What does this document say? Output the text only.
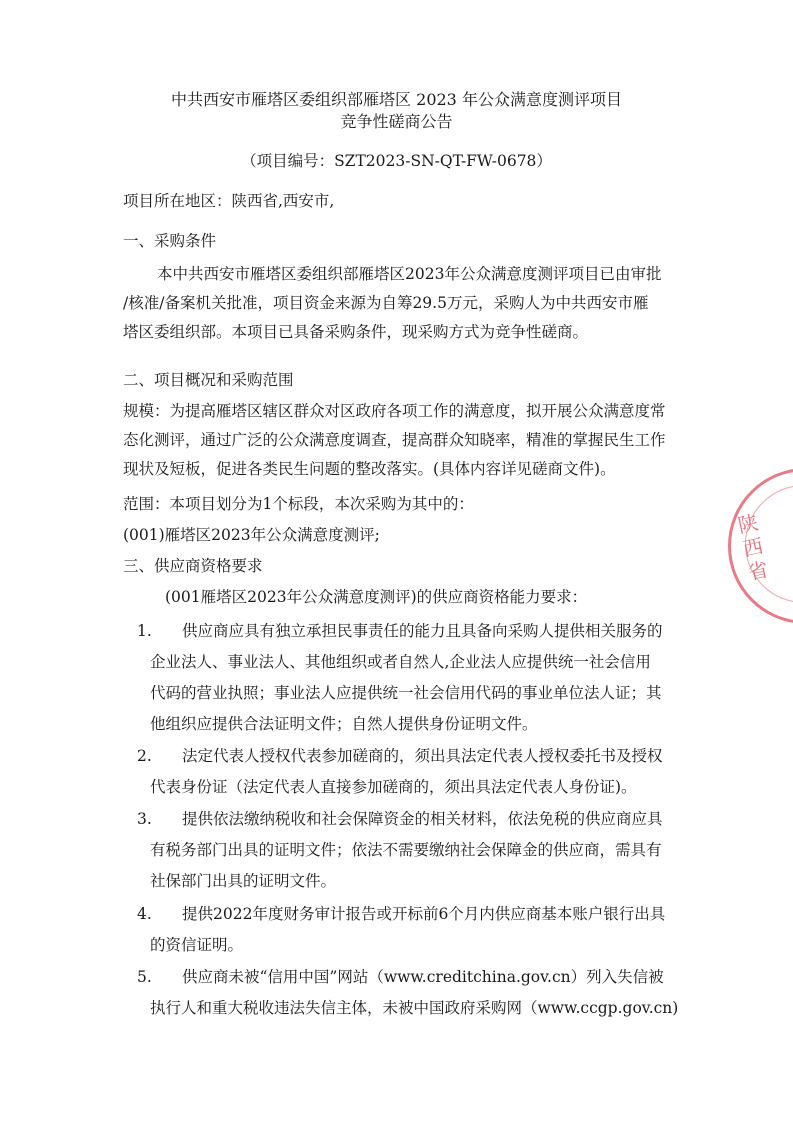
中共西安市雁塔区委组织部雁塔区 2023 年公众满意度测评项目
竞争性磋商公告
（项目编号：SZT2023-SN-QT-FW-0678）
项目所在地区：陕西省,西安市,
一、采购条件
本中共西安市雁塔区委组织部雁塔区2023年公众满意度测评项目已由审批
/核准/备案机关批准，项目资金来源为自筹29.5万元，采购人为中共西安市雁
塔区委组织部。本项目已具备采购条件，现采购方式为竞争性磋商。
二、项目概况和采购范围
规模：为提高雁塔区辖区群众对区政府各项工作的满意度，拟开展公众满意度常
态化测评，通过广泛的公众满意度调查，提高群众知晓率，精准的掌握民生工作
现状及短板，促进各类民生问题的整改落实。(具体内容详见磋商文件)。
范围：本项目划分为1个标段，本次采购为其中的：
(001)雁塔区2023年公众满意度测评;
三、供应商资格要求
(001雁塔区2023年公众满意度测评)的供应商资格能力要求：
1. 供应商应具有独立承担民事责任的能力且具备向采购人提供相关服务的
企业法人、事业法人、其他组织或者自然人,企业法人应提供统一社会信用
代码的营业执照；事业法人应提供统一社会信用代码的事业单位法人证；其
他组织应提供合法证明文件；自然人提供身份证明文件。
2. 法定代表人授权代表参加磋商的，须出具法定代表人授权委托书及授权
代表身份证（法定代表人直接参加磋商的，须出具法定代表人身份证)。
3. 提供依法缴纳税收和社会保障资金的相关材料，依法免税的供应商应具
有税务部门出具的证明文件；依法不需要缴纳社会保障金的供应商，需具有
社保部门出具的证明文件。
4. 提供2022年度财务审计报告或开标前6个月内供应商基本账户银行出具
的资信证明。
5. 供应商未被“信用中国”网站（www.creditchina.gov.cn）列入失信被
执行人和重大税收违法失信主体，未被中国政府采购网（www.ccgp.gov.cn)
陕西省
